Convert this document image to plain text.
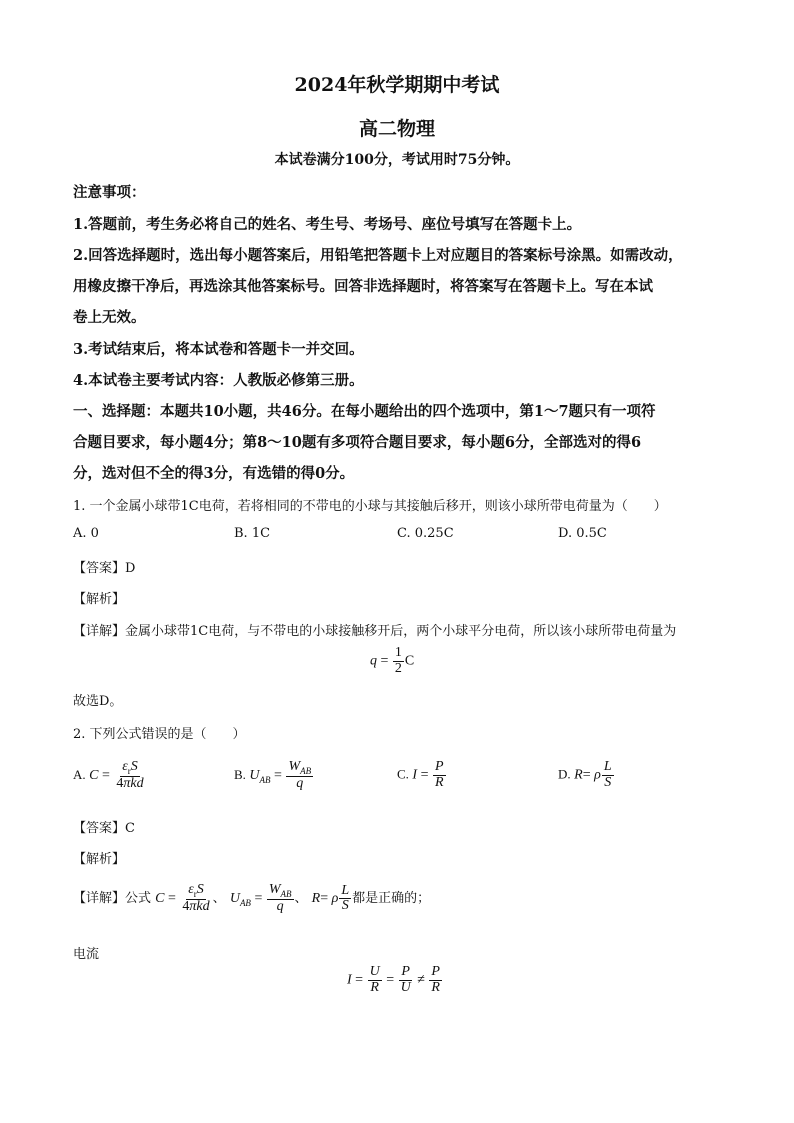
2024年秋学期期中考试
高二物理
本试卷满分100分，考试用时75分钟。
注意事项：
1.答题前，考生务必将自己的姓名、考生号、考场号、座位号填写在答题卡上。
2.回答选择题时，选出每小题答案后，用铅笔把答题卡上对应题目的答案标号涂黑。如需改动，
用橡皮擦干净后，再选涂其他答案标号。回答非选择题时，将答案写在答题卡上。写在本试
卷上无效。
3.考试结束后，将本试卷和答题卡一并交回。
4.本试卷主要考试内容：人教版必修第三册。
一、选择题：本题共10小题，共46分。在每小题给出的四个选项中，第1～7题只有一项符
合题目要求，每小题4分；第8～10题有多项符合题目要求，每小题6分，全部选对的得6
分，选对但不全的得3分，有选错的得0分。
1. 一个金属小球带1C电荷，若将相同的不带电的小球与其接触后移开，则该小球所带电荷量为（　　）
A. 0	B. 1C	C. 0.25C	D. 0.5C
【答案】D
【解析】
【详解】金属小球带1C电荷，与不带电的小球接触移开后，两个小球平分电荷，所以该小球所带电荷量为
$q = \frac{1}{2}$ C
故选D。
2. 下列公式错误的是（　　）
A. $C = \frac{\varepsilon_rS}{\text{4πkd}}$	B. $U_{AB} = \frac{W_{AB}}{q}$	C. $I = \frac{P}{R}$	D. R= ρ $\frac{L}{S}$
【答案】C
【解析】
【详解】公式 $C = \frac{\varepsilon_rS}{\text{4πkd}}$ 、 $U_{AB} = \frac{W_{AB}}{q}$ 、 R= ρ $\frac{L}{S}$ 都是正确的；
电流
$I = \frac{U}{R} = \frac{P}{U} \ne \frac{P}{R}$
